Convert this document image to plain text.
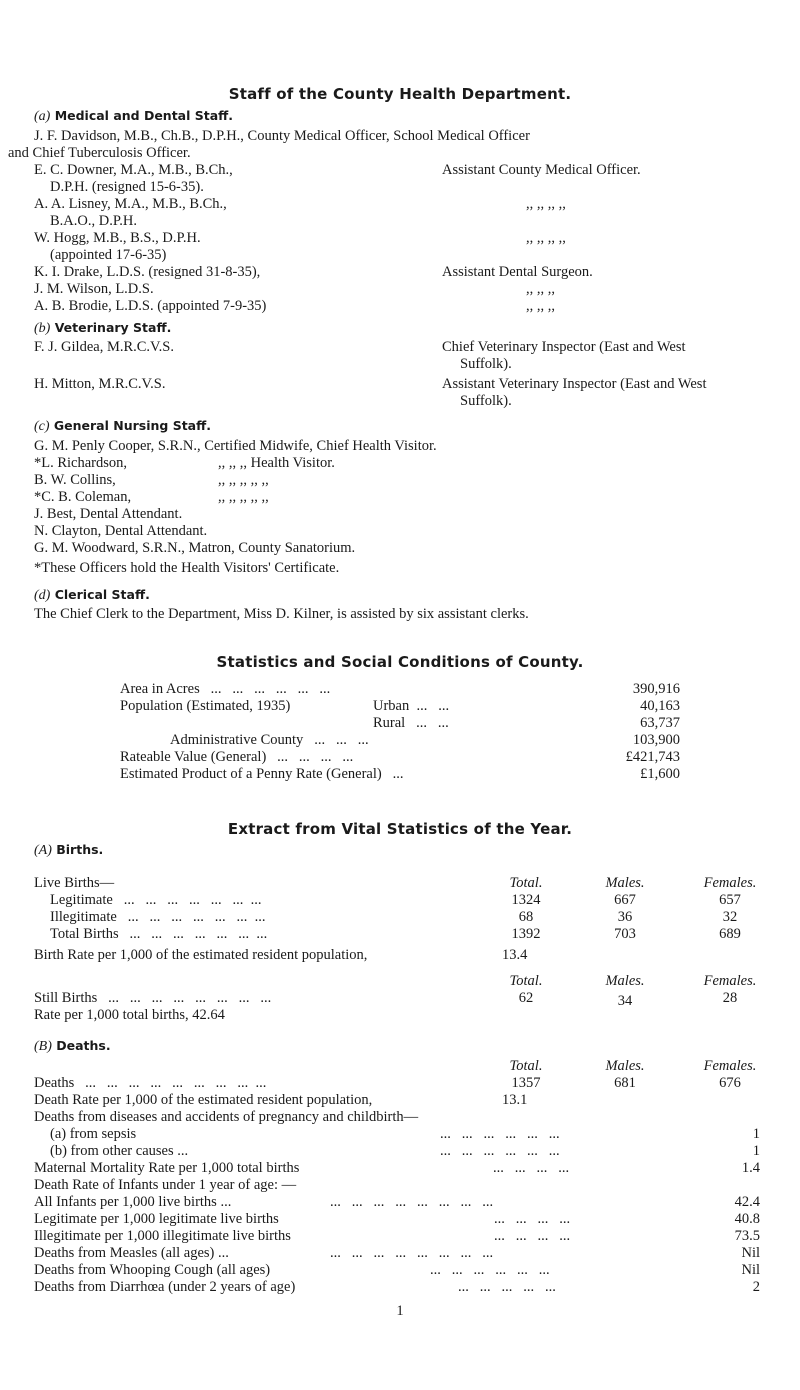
Staff of the County Health Department.
(a) Medical and Dental Staff.
J. F. Davidson, M.B., Ch.B., D.P.H., County Medical Officer, School Medical Officer
and Chief Tuberculosis Officer.
E. C. Downer, M.A., M.B., B.Ch.,	Assistant County Medical Officer.
D.P.H. (resigned 15-6-35).
A. A. Lisney, M.A., M.B., B.Ch.,	,, ,, ,, ,,
B.A.O., D.P.H.
W. Hogg, M.B., B.S., D.P.H.	,, ,, ,, ,,
(appointed 17-6-35)
K. I. Drake, L.D.S. (resigned 31-8-35),	Assistant Dental Surgeon.
J. M. Wilson, L.D.S.	,, ,, ,,
A. B. Brodie, L.D.S. (appointed 7-9-35)	,, ,, ,,
(b) Veterinary Staff.
F. J. Gildea, M.R.C.V.S.	Chief Veterinary Inspector (East and West
Suffolk).
H. Mitton, M.R.C.V.S.	Assistant Veterinary Inspector (East and West
Suffolk).
(c) General Nursing Staff.
G. M. Penly Cooper, S.R.N., Certified Midwife, Chief Health Visitor.
*L. Richardson,	,, ,, ,, Health Visitor.
B. W. Collins,	,, ,, ,, ,, ,,
*C. B. Coleman,	,, ,, ,, ,, ,,
J. Best, Dental Attendant.
N. Clayton, Dental Attendant.
G. M. Woodward, S.R.N., Matron, County Sanatorium.
*These Officers hold the Health Visitors' Certificate.
(d) Clerical Staff.
The Chief Clerk to the Department, Miss D. Kilner, is assisted by six assistant clerks.
Statistics and Social Conditions of County.
Area in Acres   ...   ...   ...   ...   ...   ...	390,916
Population (Estimated, 1935)	Urban  ...   ...	40,163
Rural   ...   ...	63,737
Administrative County   ...   ...   ...	103,900
Rateable Value (General)   ...   ...   ...   ...	£421,743
Estimated Product of a Penny Rate (General)   ...	£1,600
Extract from Vital Statistics of the Year.
(A) Births.
Live Births—	Total.	Males.	Females.
Legitimate   ...   ...   ...   ...   ...   ...  ...	1324	667	657
Illegitimate   ...   ...   ...   ...   ...   ...  ...	68	36	32
Total Births   ...   ...   ...   ...   ...   ...  ...	1392	703	689
Birth Rate per 1,000 of the estimated resident population,	13.4
Total.	Males.	Females.
Still Births   ...   ...   ...   ...   ...   ...   ...   ...	62	34	28
Rate per 1,000 total births, 42.64
(B) Deaths.
Total.	Males.	Females.
Deaths   ...   ...   ...   ...   ...   ...   ...   ...  ...	1357	681	676
Death Rate per 1,000 of the estimated resident population,	13.1
Deaths from diseases and accidents of pregnancy and childbirth—
(a) from sepsis	...   ...   ...   ...   ...   ...	1
(b) from other causes ...	...   ...   ...   ...   ...   ...	1
Maternal Mortality Rate per 1,000 total births	...   ...   ...   ...	1.4
Death Rate of Infants under 1 year of age: —
All Infants per 1,000 live births ...	...   ...   ...   ...   ...   ...   ...   ...	42.4
Legitimate per 1,000 legitimate live births	...   ...   ...   ...	40.8
Illegitimate per 1,000 illegitimate live births	...   ...   ...   ...	73.5
Deaths from Measles (all ages) ...	...   ...   ...   ...   ...   ...   ...   ...	Nil
Deaths from Whooping Cough (all ages)	...   ...   ...   ...   ...   ...	Nil
Deaths from Diarrhœa (under 2 years of age)	...   ...   ...   ...   ...	2
1
